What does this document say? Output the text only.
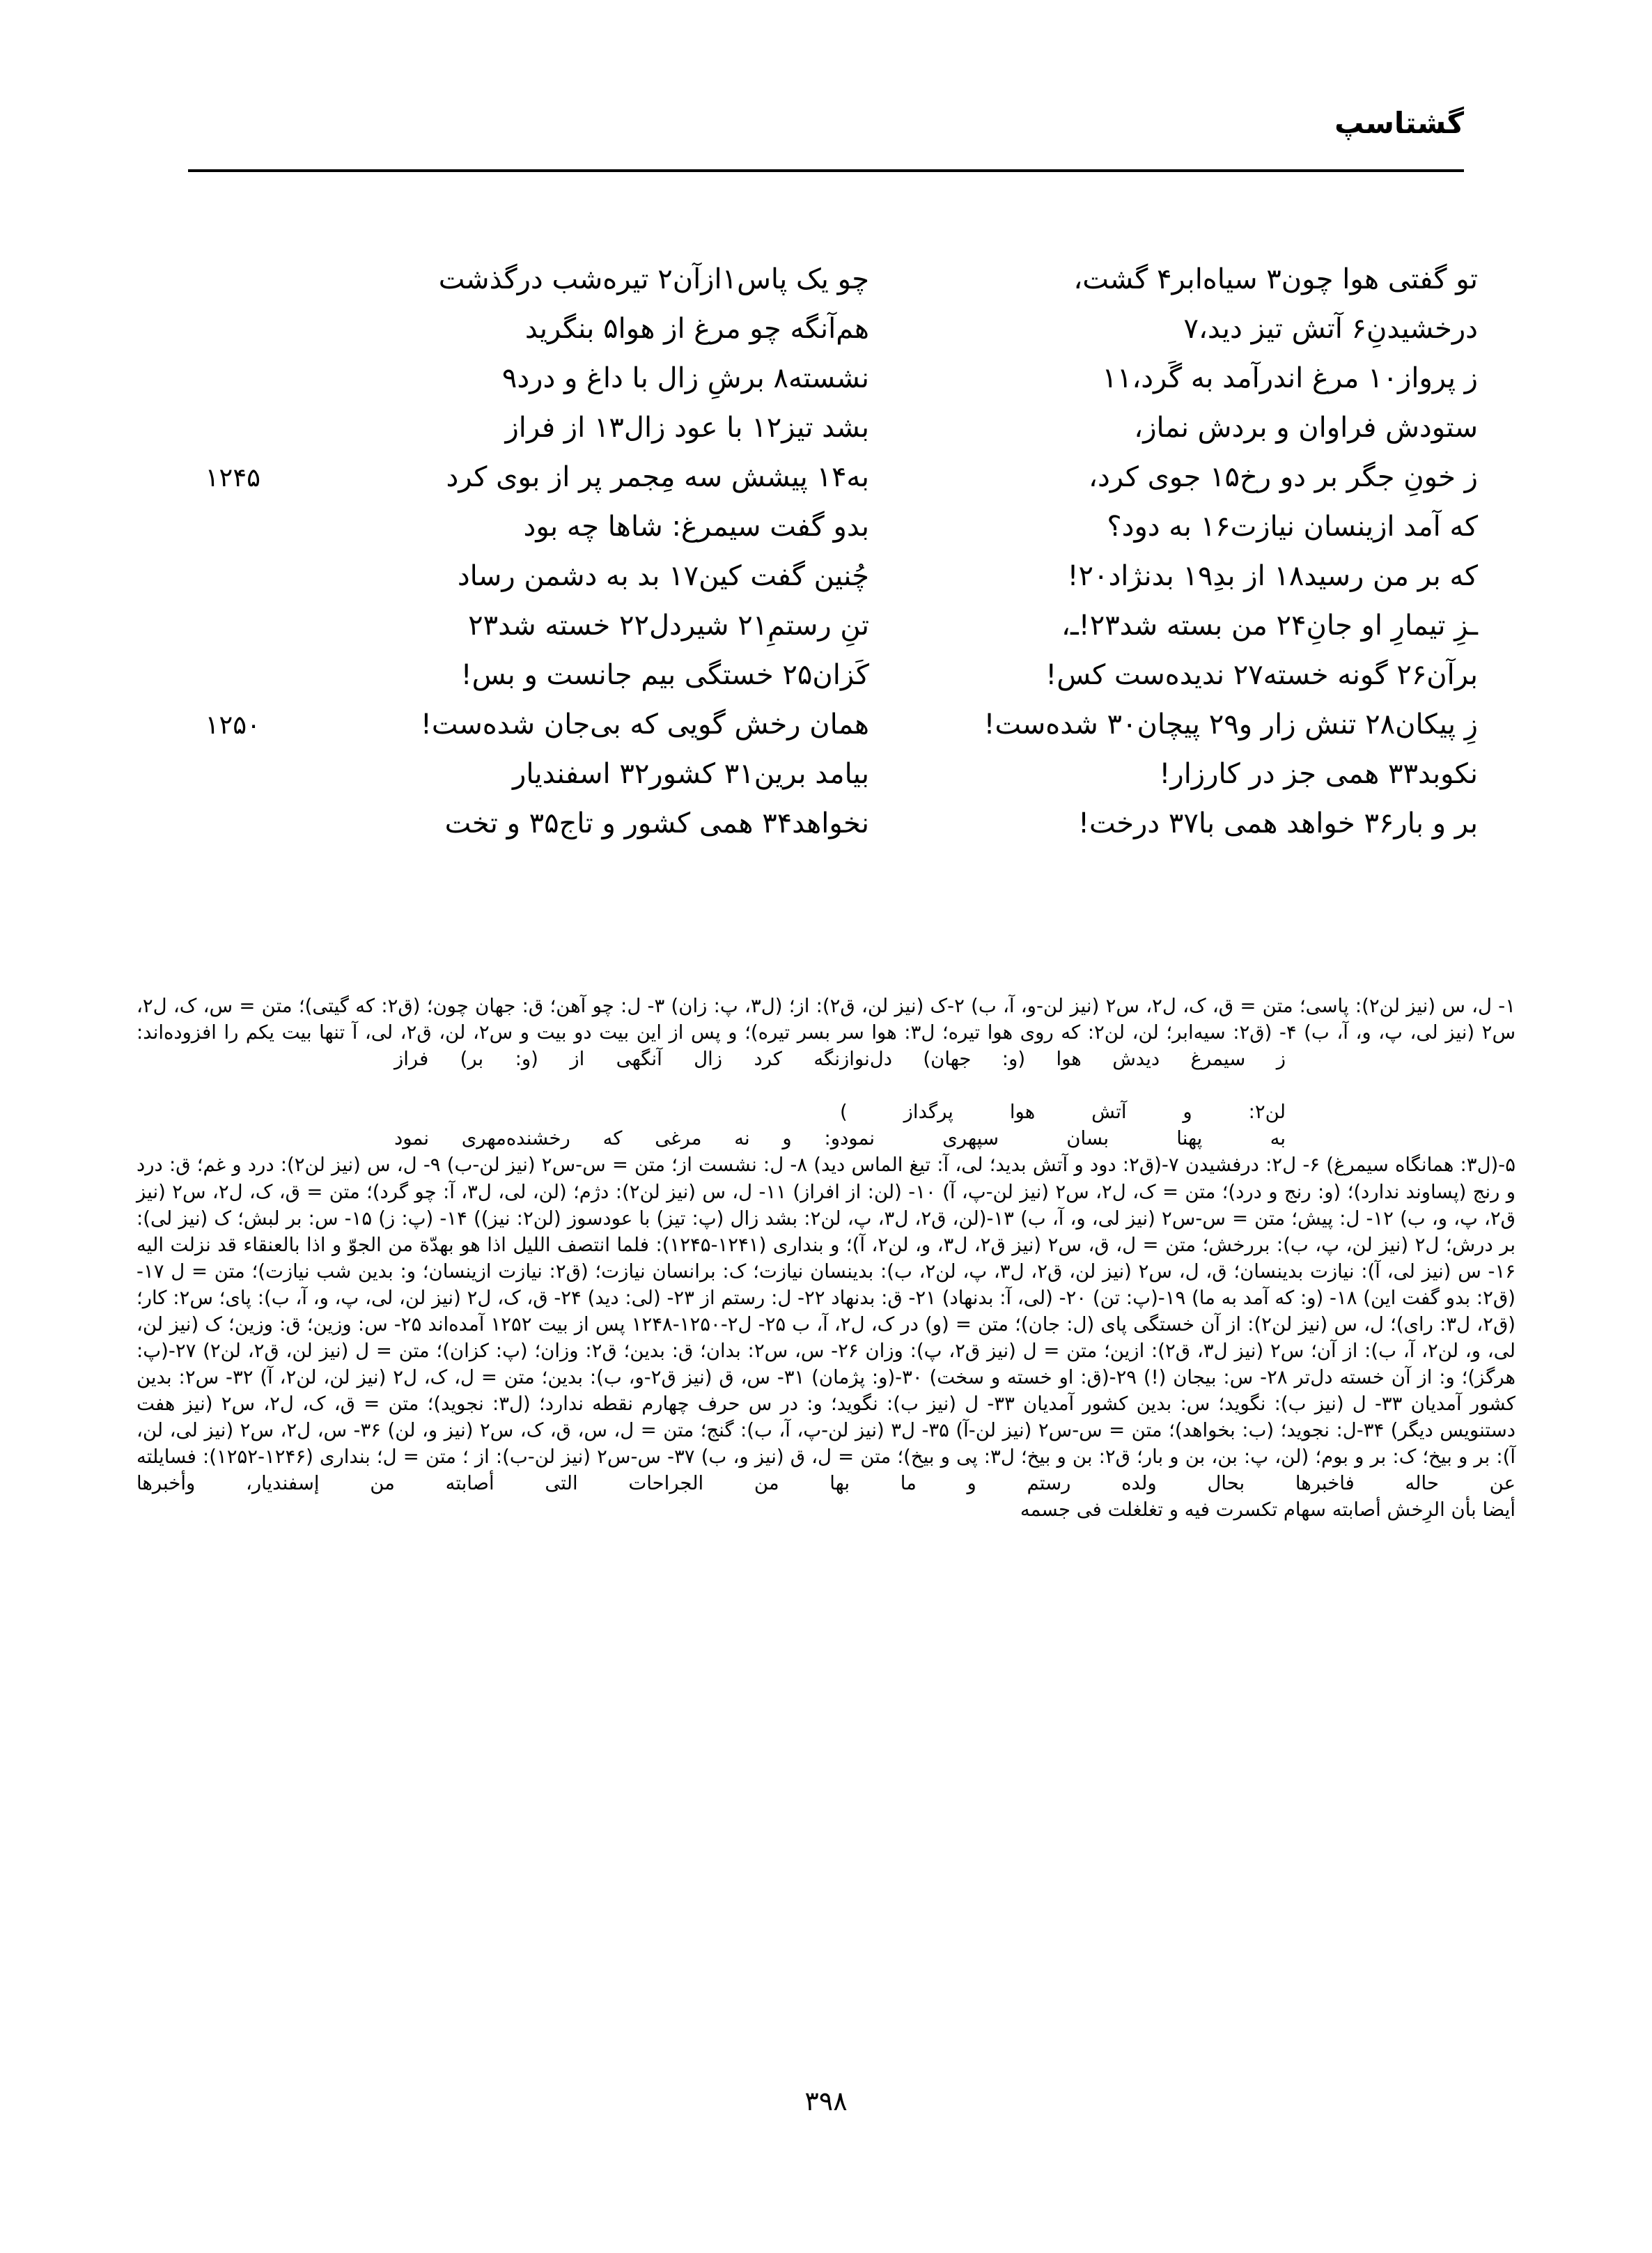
گشتاسپ
تو گفتی هوا چون۳ سیاه‌ابر۴ گشت،
چو یک پاس۱ازآن۲ تیره‌شب درگذشت
درخشیدنِ۶ آتش تیز دید،۷
هم‌آنگه چو مرغ از هوا۵ بنگرید
ز پرواز۱۰ مرغ اندرآمد به گَرد،۱۱
نشسته۸ برشِ زال با داغ و درد۹
ستودش فراوان و بردش نماز،
بشد تیز۱۲ با عود زال۱۳ از فراز
ز خونِ جگر بر دو رخ۱۵ جوی کرد،
به۱۴ پیشش سه مِجمر پر از بوی کرد
۱۲۴۵
که آمد ازینسان نیازت۱۶ به دود؟
بدو گفت سیمرغ: شاها چه بود
که بر من رسید۱۸ از بدِ۱۹ بدنژاد۲۰!
چُنین گفت کین۱۷ بد به دشمن رساد
ـزِ تیمارِ او جانِ۲۴ من بسته شد۲۳!ـ،
تنِ رستمِ۲۱ شیردل۲۲ خسته شد۲۳
برآن۲۶ گونه خسته۲۷ ندیده‌ست کس!
کَزان۲۵ خستگی بیم جانست و بس!
زِ پیکان۲۸ تنش زار و۲۹ پیچان۳۰ شده‌ست!
همان رخش گویی که بی‌جان شده‌ست!
۱۲۵۰
نکوبد۳۳ همی جز در کارزار!
بیامد برین۳۱ کشور۳۲ اسفندیار
بر و بار۳۶ خواهد همی با۳۷ درخت!
نخواهد۳۴ همی کشور و تاج۳۵ و تخت

۱- ل، س (نیز لن۲): پاسی؛ متن = ق، ک، ل۲، س۲ (نیز لن-و، آ، ب) ۲-ک (نیز لن، ق۲): از؛ (ل۳، پ: زان) ۳- ل: چو آهن؛ ق: جهان چون؛ (ق۲: که گیتی)؛ متن = س، ک، ل۲، س۲ (نیز لی، پ، و، آ، ب) ۴- (ق۲: سیه‌ابر؛ لن، لن۲: که روی هوا تیره؛ ل۳: هوا سر بسر تیره)؛ و پس از این بیت دو بیت و س۲، لن، ق۲، لی، آ تنها بیت یکم را افزوده‌اند:

ز سیمرغ دیدش هوا (و: جهان) دل‌نوازنگه کرد زال آنگهی از (و: بر) فراز

لن۲: و آتش هوا پرگداز )

به پهنا بسان سپهری نمودو: و نه مرغی که رخشنده‌مهری نمود

۵-(ل۳: همانگاه سیمرغ) ۶- ل۲: درفشیدن ۷-(ق۲: دود و آتش بدید؛ لی، آ: تیغ الماس دید) ۸- ل: نشست از؛ متن = س-س۲ (نیز لن-ب) ۹- ل، س (نیز لن۲): درد و غم؛ ق: درد و رنج (پساوند ندارد)؛ (و: رنج و درد)؛ متن = ک، ل۲، س۲ (نیز لن-پ، آ) ۱۰- (لن: از افراز) ۱۱- ل، س (نیز لن۲): دژم؛ (لن، لی، ل۳، آ: چو گرد)؛ متن = ق، ک، ل۲، س۲ (نیز ق۲، پ، و، ب) ۱۲- ل: پیش؛ متن = س-س۲ (نیز لی، و، آ، ب) ۱۳-(لن، ق۲، ل۳، پ، لن۲: بشد زال (پ: تیز) با عودسوز (لن۲: نیز)) ۱۴- (پ: ز) ۱۵- س: بر لبش؛ ک (نیز لی): بر درش؛ ل۲ (نیز لن، پ، ب): بررخش؛ متن = ل، ق، س۲ (نیز ق۲، ل۳، و، لن۲، آ)؛ و بنداری (۱۲۴۱-۱۲۴۵): فلما انتصف اللیل اذا هو بهدّة من الجوّ و اذا بالعنقاء قد نزلت الیه ۱۶- س (نیز لی، آ): نیازت بدینسان؛ ق، ل، س۲ (نیز لن، ق۲، ل۳، پ، لن۲، ب): بدینسان نیازت؛ ک: برانسان نیازت؛ (ق۲: نیازت ازینسان؛ و: بدین شب نیازت)؛ متن = ل ۱۷-(ق۲: بدو گفت این) ۱۸- (و: که آمد به ما) ۱۹-(پ: تن) ۲۰- (لی، آ: بدنهاد) ۲۱- ق: بدنهاد ۲۲- ل: رستم از ۲۳- (لی: دید) ۲۴- ق، ک، ل۲ (نیز لن، لی، پ، و، آ، ب): پای؛ س۲: کار؛ (ق۲، ل۳: رای)؛ ل، س (نیز لن۲): از آن خستگی پای (ل: جان)؛ متن = (و) در ک، ل۲، آ، ب ۲۵- ل۲-۱۲۵۰-۱۲۴۸ پس از بیت ۱۲۵۲ آمده‌اند ۲۵- س: وزین؛ ق: وزین؛ ک (نیز لن، لی، و، لن۲، آ، ب): از آن؛ س۲ (نیز ل۳، ق۲): ازین؛ متن = ل (نیز ق۲، پ): وزان ۲۶- س، س۲: بدان؛ ق: بدین؛ ق۲: وزان؛ (پ: کزان)؛ متن = ل (نیز لن، ق۲، لن۲) ۲۷-(پ: هرگز)؛ و: از آن خسته دل‌تر ۲۸- س: بیجان (!) ۲۹-(ق: او خسته و سخت) ۳۰-(و: پژمان) ۳۱- س، ق (نیز ق۲-و، ب): بدین؛ متن = ل، ک، ل۲ (نیز لن، لن۲، آ) ۳۲- س۲: بدین کشور آمدیان ۳۳- ل (نیز ب): نگوید؛ س: بدین کشور آمدیان ۳۳- ل (نیز ب): نگوید؛ و: در س حرف چهارم نقطه ندارد؛ (ل۳: نجوید)؛ متن = ق، ک، ل۲، س۲ (نیز هفت دستنویس دیگر) ۳۴-ل: نجوید؛ (ب: بخواهد)؛ متن = س-س۲ (نیز لن-آ) ۳۵- ل۳ (نیز لن-پ، آ، ب): گنج؛ متن = ل، س، ق، ک، س۲ (نیز و، لن) ۳۶- س، ل۲، س۲ (نیز لی، لن، آ): بر و بیخ؛ ک: بر و بوم؛ (لن، پ: بن، بن و بار؛ ق۲: بن و بیخ؛ ل۳: پی و بیخ)؛ متن = ل، ق (نیز و، ب) ۳۷- س-س۲ (نیز لن-ب): از ؛ متن = ل؛ بنداری (۱۲۴۶-۱۲۵۲): فسایلته عن حاله فاخبرها بحال ولده رستم و ما بها من الجراحات التی أصابته من إسفندیار، وأخبرها

أیضا بأن الرِخش أصابته سهام تکسرت فیه و تغلغلت فی جسمه

۳۹۸
